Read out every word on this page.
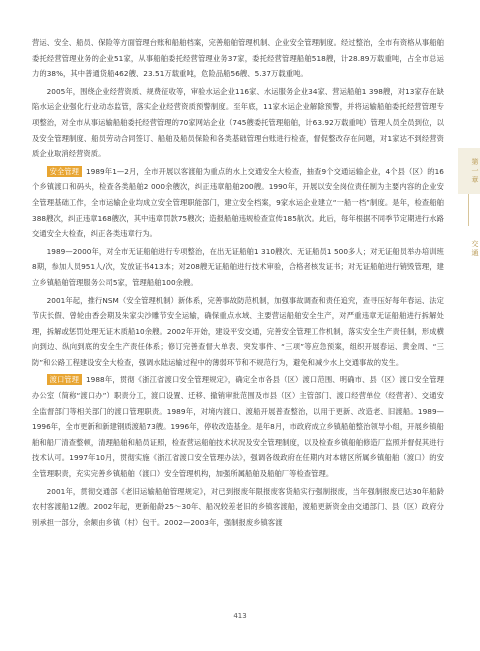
营运、安全、船员、保险等方面管理台账和船舶档案，完善船舶管理机制、企业安全管理制度。经过整治，全市有资格从事船舶委托经营管理业务的企业51家，从事船舶委托经营管理业务37家，委托经营管理船舶518艘，计28.89万载重吨，占全市总运力的38%，其中普通货船462艘、23.51万载重吨，危险品船56艘、5.37万载重吨。

2005年，围绕企业经营资质、规费征收等，审验水运企业116家、水运服务企业34家、营运船舶1 398艘，对13家存在缺陷水运企业强化行业动态监管，落实企业经营资质预警制度。至年底，11家水运企业解除预警，并将运输船舶委托经营管理专项整治，对全市从事运输船舶委托经营管理的70家网站企业（745艘委托管理船舶，计63.92万载重吨）管理人员全员到位，以及安全管理制度、船员劳动合同签订、船舶及船员保险和各类基础管理台账进行检查，督促整改存在问题，对1家达不到经营资质企业取消经营资质。

安全管理 1989年1—2月，全市开展以客渡船为重点的水上交通安全大检查，抽查9个交通运输企业，4个县（区）的16个乡镇渡口和码头，检查各类船舶2 000余艘次，纠正违章船舶200艘。1990年，开展以安全岗位责任制为主要内容的企业安全管理基础工作，全市运输企业均成立安全管理职能部门，建立安全档案，9家水运企业建立“一船一档”制度。是年，检查船舶388艘次，纠正违章168艘次，其中违章罚款75艘次；造报船舶违规检查宣传185航次。此后，每年根据不同季节定期进行水路交通安全大检查，纠正各类违章行为。

1989—2000年，对全市无证船舶进行专项整治，在出无证船舶1 310艘次、无证船员1 500多人；对无证船员举办培训班8期，参加人员951人/次，发放证书413本；对208艘无证船舶进行技术审验，合格者核发证书；对无证船舶进行销毁管理，建立乡镇船舶管理服务公司5家，管理船舶100余艘。

2001年起，推行NSM（安全管理机制）新体系，完善事故防范机制，加强事故调查和责任追究，查寻压好每年春运、法定节庆长假、曾轮由香会期及朱家尖沙雕节安全运输，确保重点水域、主要营运船舶安全生产，对严重违章无证船舶进行拆解处理，拆解或惩罚处理无证木质船10余艘。2002年开始，建设平安交通，完善安全管理工作机制，落实安全生产责任制，形成横向到边、纵向到底的安全生产责任体系；修订完善查督大单表、突发事件、“三项”等应急预案，组织开展春运、黄金周、“三防”和公路工程建设安全大检查，强调水陆运输过程中的薄弱环节和不规范行为，避免和减少水上交通事故的发生。

渡口管理 1988年，贯彻《浙江省渡口安全管理规定》，确定全市各县（区）渡口范围、明确市、县（区）渡口安全管理办公室（简称“渡口办”）职责分工，渡口设置、迁移、撤销审批范围及市县（区）主管部门、渡口经营单位（经营者）、交通安全监督部门等相关部门的渡口管理职责。1989年，对境内渡口、渡船开展普查整治，以用于更新、改造老、旧渡船。1989—1996年，全市更新和新建钢质渡船73艘。1996年，停收改造基金。是年8月，市政府成立乡镇船舶整治领导小组，开展乡镇船舶和船厂清查整顿，清理船舶和船员证照，检查营运船舶技术状况及安全管理制度，以及检查乡镇船舶修造厂监照并督促其进行技术认可。1997年10月，贯彻实施《浙江省渡口安全管理办法》，强调各级政府在任期内对本辖区所属乡镇船舶（渡口）的安全管理职责，充实完善乡镇船舶（渡口）安全管理机构，加强所属船舶及船舶厂等检查管理。

2001年，贯彻交通部《老旧运输船舶管理规定》，对已到报废年限报废客货船实行强制报废，当年强制报废已达30年船龄农村客渡船12艘。2002年起，更新船龄25～30年、船况较差老旧的乡镇客渡船，渡船更新资金由交通部门、县（区）政府分别承担一部分，余额由乡镇（村）包干。2002—2003年，强制报废乡镇客渡

第一章
交通
413
